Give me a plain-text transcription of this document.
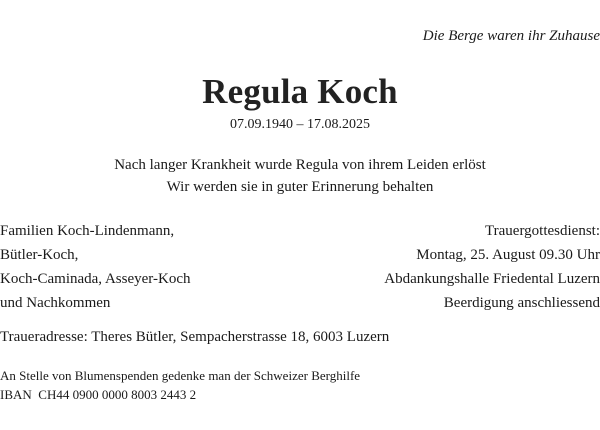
Die Berge waren ihr Zuhause
Regula Koch
07.09.1940 – 17.08.2025
Nach langer Krankheit wurde Regula von ihrem Leiden erlöst
Wir werden sie in guter Erinnerung behalten
Familien Koch-Lindenmann,
Bütler-Koch,
Koch-Caminada, Asseyer-Koch
und Nachkommen
Trauergottesdienst:
Montag, 25. August 09.30 Uhr
Abdankungshalle Friedental Luzern
Beerdigung anschliessend
Traueradresse: Theres Bütler, Sempacherstrasse 18, 6003 Luzern
An Stelle von Blumenspenden gedenke man der Schweizer Berghilfe
IBAN  CH44 0900 0000 8003 2443 2
